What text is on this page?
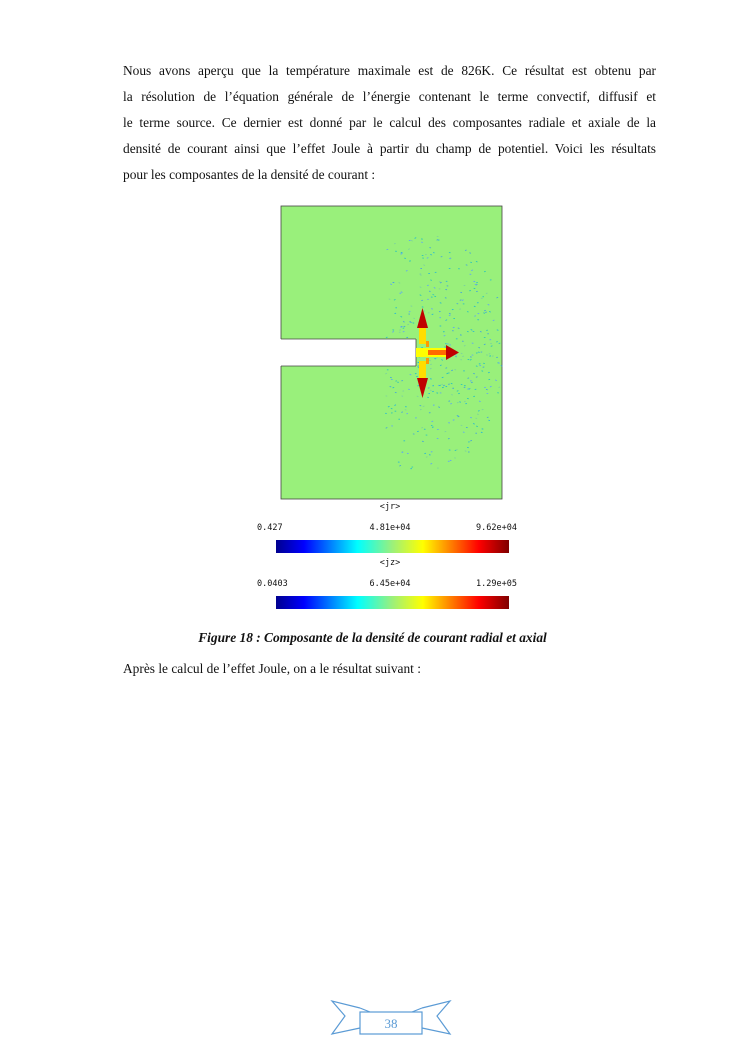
Nous avons aperçu que la température maximale est de 826K. Ce résultat est obtenu par
la résolution de l’équation générale de l’énergie contenant le terme convectif, diffusif et
le terme source. Ce dernier est donné par le calcul des composantes radiale et axiale de la
densité de courant ainsi que l’effet Joule à partir du champ de potentiel. Voici les résultats
pour les composantes de la densité de courant :
<jr>
0.427	4.81e+04	9.62e+04
<jz>
0.0403	6.45e+04	1.29e+05
Figure 18 : Composante de la densité de courant radial et axial
Après le calcul de l’effet Joule, on a le résultat suivant :
38
